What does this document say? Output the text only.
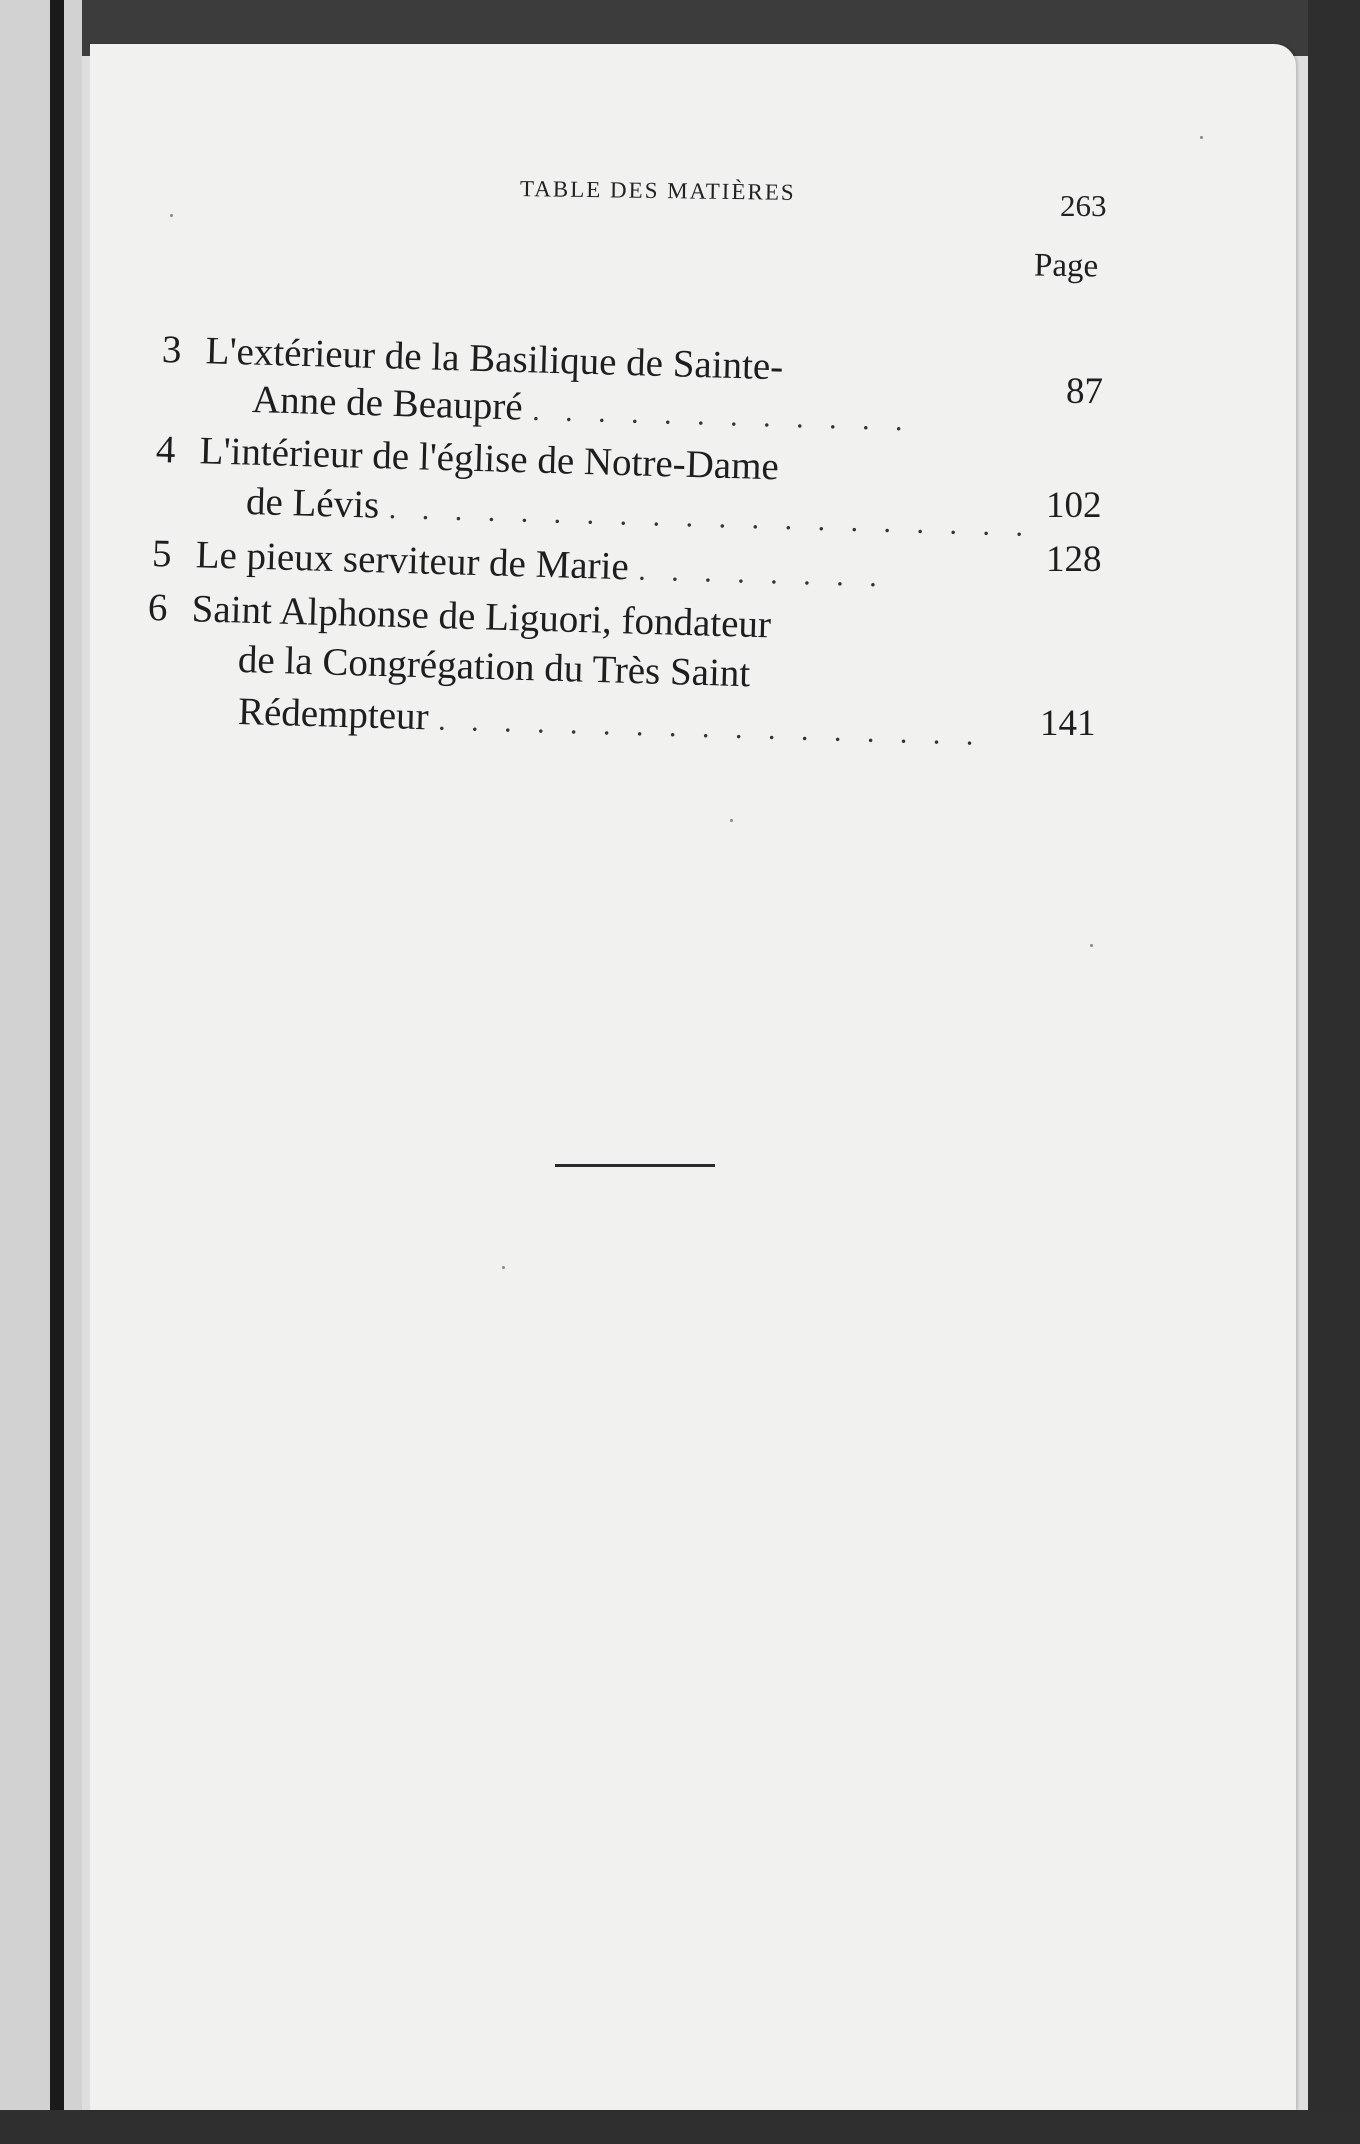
TABLE DES MATIÈRES	263
Page
3 L'extérieur de la Basilique de Sainte-
Anne de Beaupré . . . . . . . . . . . .
87
4 L'intérieur de l'église de Notre-Dame
de Lévis . . . . . . . . . . . . . . . . . . . . 102
5 Le pieux serviteur de Marie . . . . . . . .	128
6 Saint Alphonse de Liguori, fondateur
de la Congrégation du Très Saint
Rédempteur . . . . . . . . . . . . . . . . . 141
